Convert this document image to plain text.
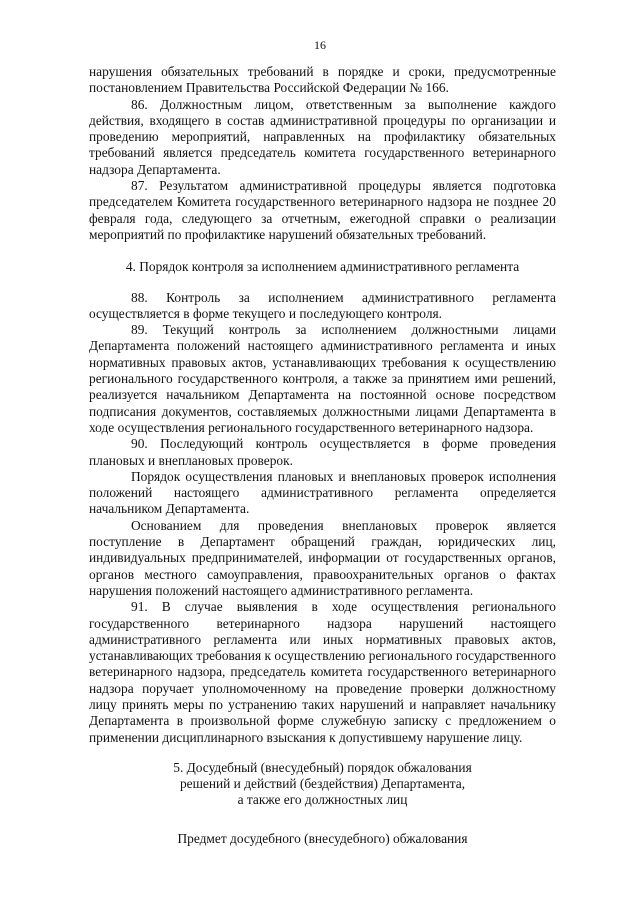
16

нарушения обязательных требований в порядке и сроки, предусмотренные постановлением Правительства Российской Федерации № 166.

86. Должностным лицом, ответственным за выполнение каждого действия, входящего в состав административной процедуры по организации и проведению мероприятий, направленных на профилактику обязательных требований является председатель комитета государственного ветеринарного надзора Департамента.

87. Результатом административной процедуры является подготовка председателем Комитета государственного ветеринарного надзора не позднее 20 февраля года, следующего за отчетным, ежегодной справки о реализации мероприятий по профилактике нарушений обязательных требований.

4. Порядок контроля за исполнением административного регламента

88. Контроль за исполнением административного регламента осуществляется в форме текущего и последующего контроля.

89. Текущий контроль за исполнением должностными лицами Департамента положений настоящего административного регламента и иных нормативных правовых актов, устанавливающих требования к осуществлению регионального государственного контроля, а также за принятием ими решений, реализуется начальником Департамента на постоянной основе посредством подписания документов, составляемых должностными лицами Департамента в ходе осуществления регионального государственного ветеринарного надзора.

90. Последующий контроль осуществляется в форме проведения плановых и внеплановых проверок.

Порядок осуществления плановых и внеплановых проверок исполнения положений настоящего административного регламента определяется начальником Департамента.

Основанием для проведения внеплановых проверок является поступление в Департамент обращений граждан, юридических лиц, индивидуальных предпринимателей, информации от государственных органов, органов местного самоуправления, правоохранительных органов о фактах нарушения положений настоящего административного регламента.

91. В случае выявления в ходе осуществления регионального государственного ветеринарного надзора нарушений настоящего административного регламента или иных нормативных правовых актов, устанавливающих требования к осуществлению регионального государственного ветеринарного надзора, председатель комитета государственного ветеринарного надзора поручает уполномоченному на проведение проверки должностному лицу принять меры по устранению таких нарушений и направляет начальнику Департамента в произвольной форме служебную записку с предложением о применении дисциплинарного взыскания к допустившему нарушение лицу.

5. Досудебный (внесудебный) порядок обжалования

решений и действий (бездействия) Департамента,

а также его должностных лиц

Предмет досудебного (внесудебного) обжалования
